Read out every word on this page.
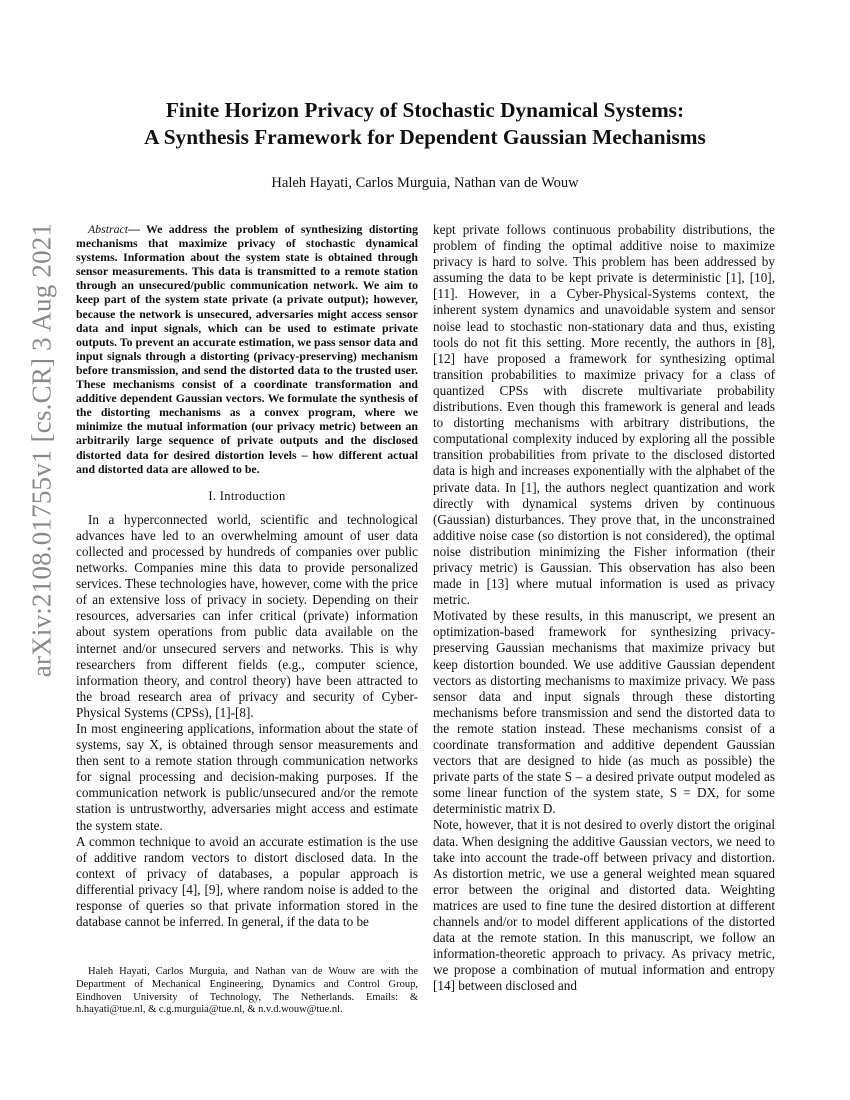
arXiv:2108.01755v1 [cs.CR] 3 Aug 2021
Finite Horizon Privacy of Stochastic Dynamical Systems:
A Synthesis Framework for Dependent Gaussian Mechanisms
Haleh Hayati, Carlos Murguia, Nathan van de Wouw

Abstract— We address the problem of synthesizing distorting mechanisms that maximize privacy of stochastic dynamical systems. Information about the system state is obtained through sensor measurements. This data is transmitted to a remote station through an unsecured/public communication network. We aim to keep part of the system state private (a private output); however, because the network is unsecured, adversaries might access sensor data and input signals, which can be used to estimate private outputs. To prevent an accurate estimation, we pass sensor data and input signals through a distorting (privacy-preserving) mechanism before transmission, and send the distorted data to the trusted user. These mechanisms consist of a coordinate transformation and additive dependent Gaussian vectors. We formulate the synthesis of the distorting mechanisms as a convex program, where we minimize the mutual information (our privacy metric) between an arbitrarily large sequence of private outputs and the disclosed distorted data for desired distortion levels – how different actual and distorted data are allowed to be.

I. Introduction

In a hyperconnected world, scientific and technological advances have led to an overwhelming amount of user data collected and processed by hundreds of companies over public networks. Companies mine this data to provide personalized services. These technologies have, however, come with the price of an extensive loss of privacy in society. Depending on their resources, adversaries can infer critical (private) information about system operations from public data available on the internet and/or unsecured servers and networks. This is why researchers from different fields (e.g., computer science, information theory, and control theory) have been attracted to the broad research area of privacy and security of Cyber-Physical Systems (CPSs), [1]-[8].

In most engineering applications, information about the state of systems, say X, is obtained through sensor measurements and then sent to a remote station through communication networks for signal processing and decision-making purposes. If the communication network is public/unsecured and/or the remote station is untrustworthy, adversaries might access and estimate the system state.

A common technique to avoid an accurate estimation is the use of additive random vectors to distort disclosed data. In the context of privacy of databases, a popular approach is differential privacy [4], [9], where random noise is added to the response of queries so that private information stored in the database cannot be inferred. In general, if the data to be

Haleh Hayati, Carlos Murguia, and Nathan van de Wouw are with the Department of Mechanical Engineering, Dynamics and Control Group, Eindhoven University of Technology, The Netherlands. Emails: & h.hayati@tue.nl, & c.g.murguia@tue.nl, & n.v.d.wouw@tue.nl.

kept private follows continuous probability distributions, the problem of finding the optimal additive noise to maximize privacy is hard to solve. This problem has been addressed by assuming the data to be kept private is deterministic [1], [10], [11]. However, in a Cyber-Physical-Systems context, the inherent system dynamics and unavoidable system and sensor noise lead to stochastic non-stationary data and thus, existing tools do not fit this setting. More recently, the authors in [8], [12] have proposed a framework for synthesizing optimal transition probabilities to maximize privacy for a class of quantized CPSs with discrete multivariate probability distributions. Even though this framework is general and leads to distorting mechanisms with arbitrary distributions, the computational complexity induced by exploring all the possible transition probabilities from private to the disclosed distorted data is high and increases exponentially with the alphabet of the private data. In [1], the authors neglect quantization and work directly with dynamical systems driven by continuous (Gaussian) disturbances. They prove that, in the unconstrained additive noise case (so distortion is not considered), the optimal noise distribution minimizing the Fisher information (their privacy metric) is Gaussian. This observation has also been made in [13] where mutual information is used as privacy metric.

Motivated by these results, in this manuscript, we present an optimization-based framework for synthesizing privacy-preserving Gaussian mechanisms that maximize privacy but keep distortion bounded. We use additive Gaussian dependent vectors as distorting mechanisms to maximize privacy. We pass sensor data and input signals through these distorting mechanisms before transmission and send the distorted data to the remote station instead. These mechanisms consist of a coordinate transformation and additive dependent Gaussian vectors that are designed to hide (as much as possible) the private parts of the state S – a desired private output modeled as some linear function of the system state, S = DX, for some deterministic matrix D.

Note, however, that it is not desired to overly distort the original data. When designing the additive Gaussian vectors, we need to take into account the trade-off between privacy and distortion. As distortion metric, we use a general weighted mean squared error between the original and distorted data. Weighting matrices are used to fine tune the desired distortion at different channels and/or to model different applications of the distorted data at the remote station. In this manuscript, we follow an information-theoretic approach to privacy. As privacy metric, we propose a combination of mutual information and entropy [14] between disclosed and
